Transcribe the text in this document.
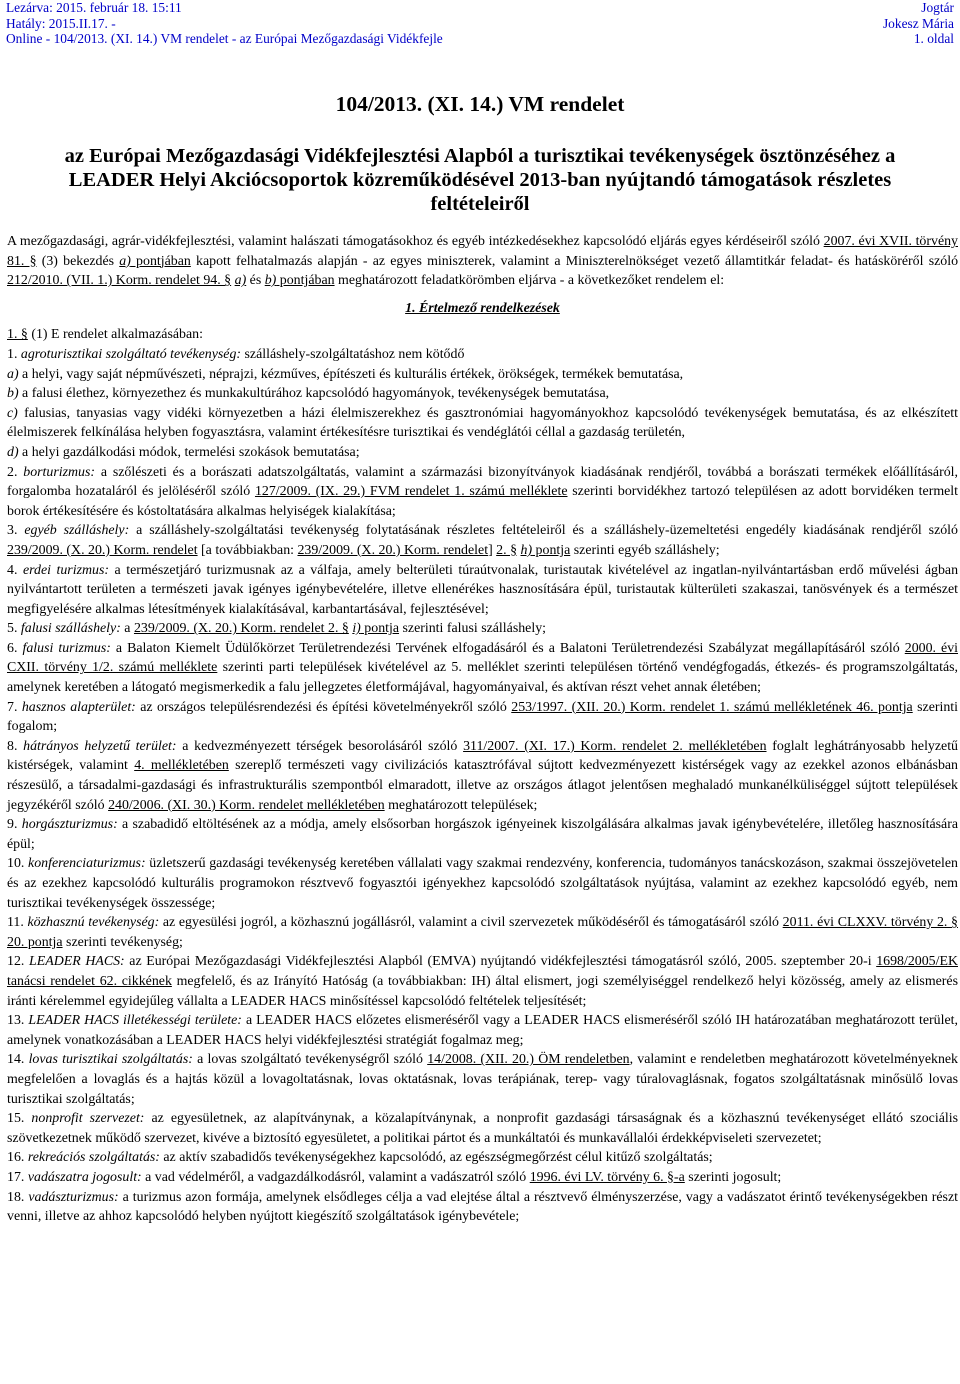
Lezárva: 2015. február 18. 15:11
Hatály: 2015.II.17. -
Online - 104/2013. (XI. 14.) VM rendelet - az Európai Mezőgazdasági Vidékfejle
Jogtár
Jokesz Mária
1. oldal
104/2013. (XI. 14.) VM rendelet
az Európai Mezőgazdasági Vidékfejlesztési Alapból a turisztikai tevékenységek ösztönzéséhez a LEADER Helyi Akciócsoportok közreműködésével 2013-ban nyújtandó támogatások részletes feltételeiről

A mezőgazdasági, agrár-vidékfejlesztési, valamint halászati támogatásokhoz és egyéb intézkedésekhez kapcsolódó eljárás egyes kérdéseiről szóló 2007. évi XVII. törvény 81. § (3) bekezdés a) pontjában kapott felhatalmazás alapján - az egyes miniszterek, valamint a Miniszterelnökséget vezető államtitkár feladat- és hatásköréről szóló 212/2010. (VII. 1.) Korm. rendelet 94. § a) és b) pontjában meghatározott feladatkörömben eljárva - a következőket rendelem el:

1. Értelmező rendelkezések

1. § (1) E rendelet alkalmazásában:

1. agroturisztikai szolgáltató tevékenység: szálláshely-szolgáltatáshoz nem kötődő

a) a helyi, vagy saját népművészeti, néprajzi, kézműves, építészeti és kulturális értékek, örökségek, termékek bemutatása,

b) a falusi élethez, környezethez és munkakultúrához kapcsolódó hagyományok, tevékenységek bemutatása,

c) falusias, tanyasias vagy vidéki környezetben a házi élelmiszerekhez és gasztronómiai hagyományokhoz kapcsolódó tevékenységek bemutatása, és az elkészített élelmiszerek felkínálása helyben fogyasztásra, valamint értékesítésre turisztikai és vendéglátói céllal a gazdaság területén,

d) a helyi gazdálkodási módok, termelési szokások bemutatása;

2. borturizmus: a szőlészeti és a borászati adatszolgáltatás, valamint a származási bizonyítványok kiadásának rendjéről, továbbá a borászati termékek előállításáról, forgalomba hozataláról és jelöléséről szóló 127/2009. (IX. 29.) FVM rendelet 1. számú melléklete szerinti borvidékhez tartozó településen az adott borvidéken termelt borok értékesítésére és kóstoltatására alkalmas helyiségek kialakítása;

3. egyéb szálláshely: a szálláshely-szolgáltatási tevékenység folytatásának részletes feltételeiről és a szálláshely-üzemeltetési engedély kiadásának rendjéről szóló 239/2009. (X. 20.) Korm. rendelet [a továbbiakban: 239/2009. (X. 20.) Korm. rendelet] 2. § h) pontja szerinti egyéb szálláshely;

4. erdei turizmus: a természetjáró turizmusnak az a válfaja, amely belterületi túraútvonalak, turistautak kivételével az ingatlan-nyilvántartásban erdő művelési ágban nyilvántartott területen a természeti javak igényes igénybevételére, illetve ellenérékes hasznosítására épül, turistautak külterületi szakaszai, tanösvények és a természet megfigyelésére alkalmas létesítmények kialakításával, karbantartásával, fejlesztésével;

5. falusi szálláshely: a 239/2009. (X. 20.) Korm. rendelet 2. § i) pontja szerinti falusi szálláshely;

6. falusi turizmus: a Balaton Kiemelt Üdülőkörzet Területrendezési Tervének elfogadásáról és a Balatoni Területrendezési Szabályzat megállapításáról szóló 2000. évi CXII. törvény 1/2. számú melléklete szerinti parti települések kivételével az 5. melléklet szerinti településen történő vendégfogadás, étkezés- és programszolgáltatás, amelynek keretében a látogató megismerkedik a falu jellegzetes életformájával, hagyományaival, és aktívan részt vehet annak életében;

7. hasznos alapterület: az országos településrendezési és építési követelményekről szóló 253/1997. (XII. 20.) Korm. rendelet 1. számú mellékletének 46. pontja szerinti fogalom;

8. hátrányos helyzetű terület: a kedvezményezett térségek besorolásáról szóló 311/2007. (XI. 17.) Korm. rendelet 2. mellékletében foglalt leghátrányosabb helyzetű kistérségek, valamint 4. mellékletében szereplő természeti vagy civilizációs katasztrófával sújtott kedvezményezett kistérségek vagy az ezekkel azonos elbánásban részesülő, a társadalmi-gazdasági és infrastrukturális szempontból elmaradott, illetve az országos átlagot jelentősen meghaladó munkanélküliséggel sújtott települések jegyzékéről szóló 240/2006. (XI. 30.) Korm. rendelet mellékletében meghatározott települések;

9. horgászturizmus: a szabadidő eltöltésének az a módja, amely elsősorban horgászok igényeinek kiszolgálására alkalmas javak igénybevételére, illetőleg hasznosítására épül;

10. konferenciaturizmus: üzletszerű gazdasági tevékenység keretében vállalati vagy szakmai rendezvény, konferencia, tudományos tanácskozáson, szakmai összejövetelen és az ezekhez kapcsolódó kulturális programokon résztvevő fogyasztói igényekhez kapcsolódó szolgáltatások nyújtása, valamint az ezekhez kapcsolódó egyéb, nem turisztikai tevékenységek összessége;

11. közhasznú tevékenység: az egyesülési jogról, a közhasznú jogállásról, valamint a civil szervezetek működéséről és támogatásáról szóló 2011. évi CLXXV. törvény 2. § 20. pontja szerinti tevékenység;

12. LEADER HACS: az Európai Mezőgazdasági Vidékfejlesztési Alapból (EMVA) nyújtandó vidékfejlesztési támogatásról szóló, 2005. szeptember 20-i 1698/2005/EK tanácsi rendelet 62. cikkének megfelelő, és az Irányító Hatóság (a továbbiakban: IH) által elismert, jogi személyiséggel rendelkező helyi közösség, amely az elismerés iránti kérelemmel egyidejűleg vállalta a LEADER HACS minősítéssel kapcsolódó feltételek teljesítését;

13. LEADER HACS illetékességi területe: a LEADER HACS előzetes elismeréséről vagy a LEADER HACS elismeréséről szóló IH határozatában meghatározott terület, amelynek vonatkozásában a LEADER HACS helyi vidékfejlesztési stratégiát fogalmaz meg;

14. lovas turisztikai szolgáltatás: a lovas szolgáltató tevékenységről szóló 14/2008. (XII. 20.) ÖM rendeletben, valamint e rendeletben meghatározott követelményeknek megfelelően a lovaglás és a hajtás közül a lovagoltatásnak, lovas oktatásnak, lovas terápiának, terep- vagy túralovaglásnak, fogatos szolgáltatásnak minősülő lovas turisztikai szolgáltatás;

15. nonprofit szervezet: az egyesületnek, az alapítványnak, a közalapítványnak, a nonprofit gazdasági társaságnak és a közhasznú tevékenységet ellátó szociális szövetkezetnek működő szervezet, kivéve a biztosító egyesületet, a politikai pártot és a munkáltatói és munkavállalói érdekképviseleti szervezetet;

16. rekreációs szolgáltatás: az aktív szabadidős tevékenységekhez kapcsolódó, az egészségmegőrzést célul kitűző szolgáltatás;

17. vadászatra jogosult: a vad védelméről, a vadgazdálkodásról, valamint a vadászatról szóló 1996. évi LV. törvény 6. §-a szerinti jogosult;

18. vadászturizmus: a turizmus azon formája, amelynek elsődleges célja a vad elejtése által a résztvevő élményszerzése, vagy a vadászatot érintő tevékenységekben részt venni, illetve az ahhoz kapcsolódó helyben nyújtott kiegészítő szolgáltatások igénybevétele;
